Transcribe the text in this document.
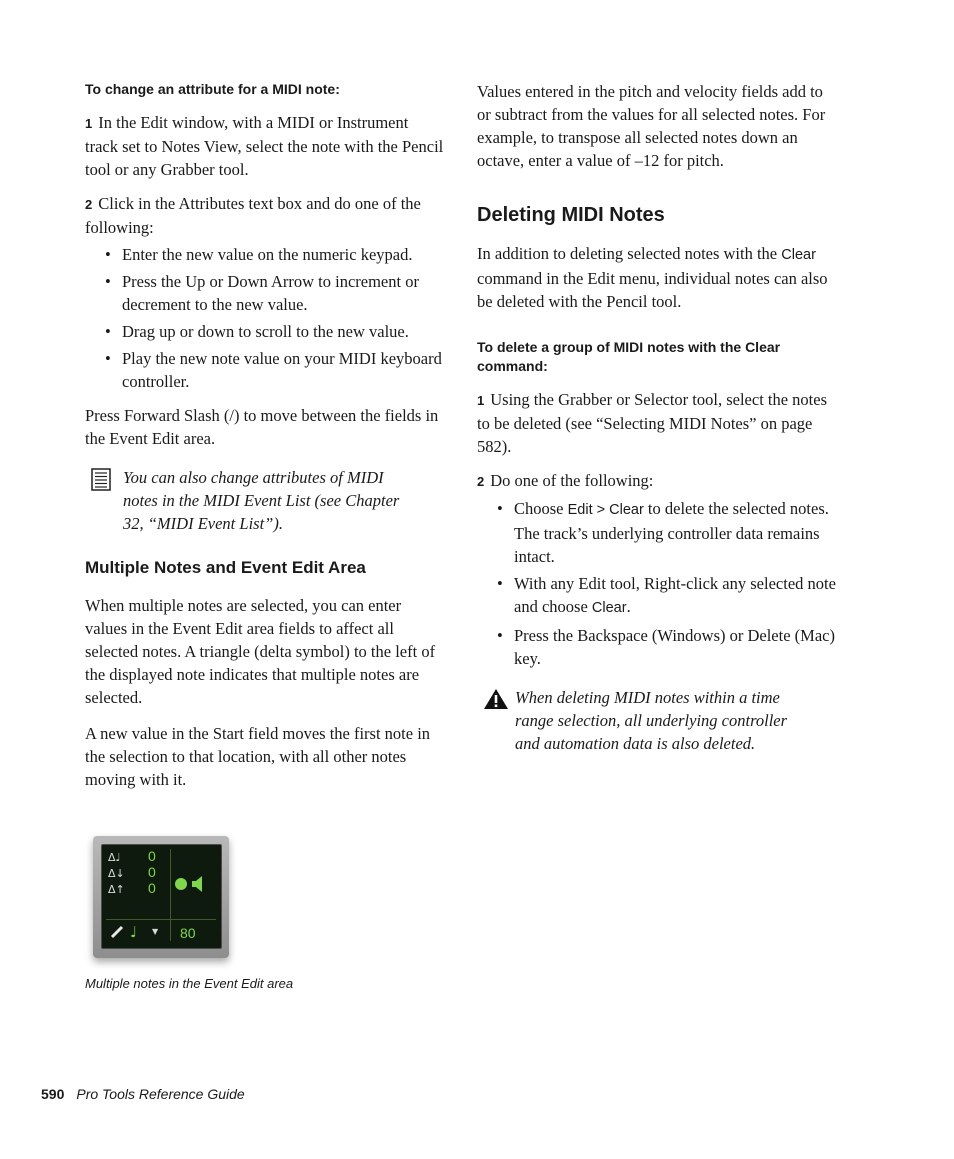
To change an attribute for a MIDI note:

1 In the Edit window, with a MIDI or Instrument track set to Notes View, select the note with the Pencil tool or any Grabber tool.

2 Click in the Attributes text box and do one of the following:

• Enter the new value on the numeric keypad.
• Press the Up or Down Arrow to increment or decrement to the new value.
• Drag up or down to scroll to the new value.
• Play the new note value on your MIDI keyboard controller.

Press Forward Slash (/) to move between the fields in the Event Edit area.

You can also change attributes of MIDI notes in the MIDI Event List (see Chapter 32, “MIDI Event List”).
Multiple Notes and Event Edit Area

When multiple notes are selected, you can enter values in the Event Edit area fields to affect all selected notes. A triangle (delta symbol) to the left of the displayed note indicates that multiple notes are selected.

A new value in the Start field moves the first note in the selection to that location, with all other notes moving with it.

Δ♩
Δ↓
Δ↑
0
0
0
♩ ▼ 80

Multiple notes in the Event Edit area

Values entered in the pitch and velocity fields add to or subtract from the values for all selected notes. For example, to transpose all selected notes down an octave, enter a value of –12 for pitch.

Deleting MIDI Notes

In addition to deleting selected notes with the Clear command in the Edit menu, individual notes can also be deleted with the Pencil tool.

To delete a group of MIDI notes with the Clear command:

1 Using the Grabber or Selector tool, select the notes to be deleted (see “Selecting MIDI Notes” on page 582).

2 Do one of the following:

• Choose Edit > Clear to delete the selected notes. The track’s underlying controller data remains intact.
• With any Edit tool, Right-click any selected note and choose Clear.
• Press the Backspace (Windows) or Delete (Mac) key.
When deleting MIDI notes within a time range selection, all underlying controller and automation data is also deleted.
590 Pro Tools Reference Guide
